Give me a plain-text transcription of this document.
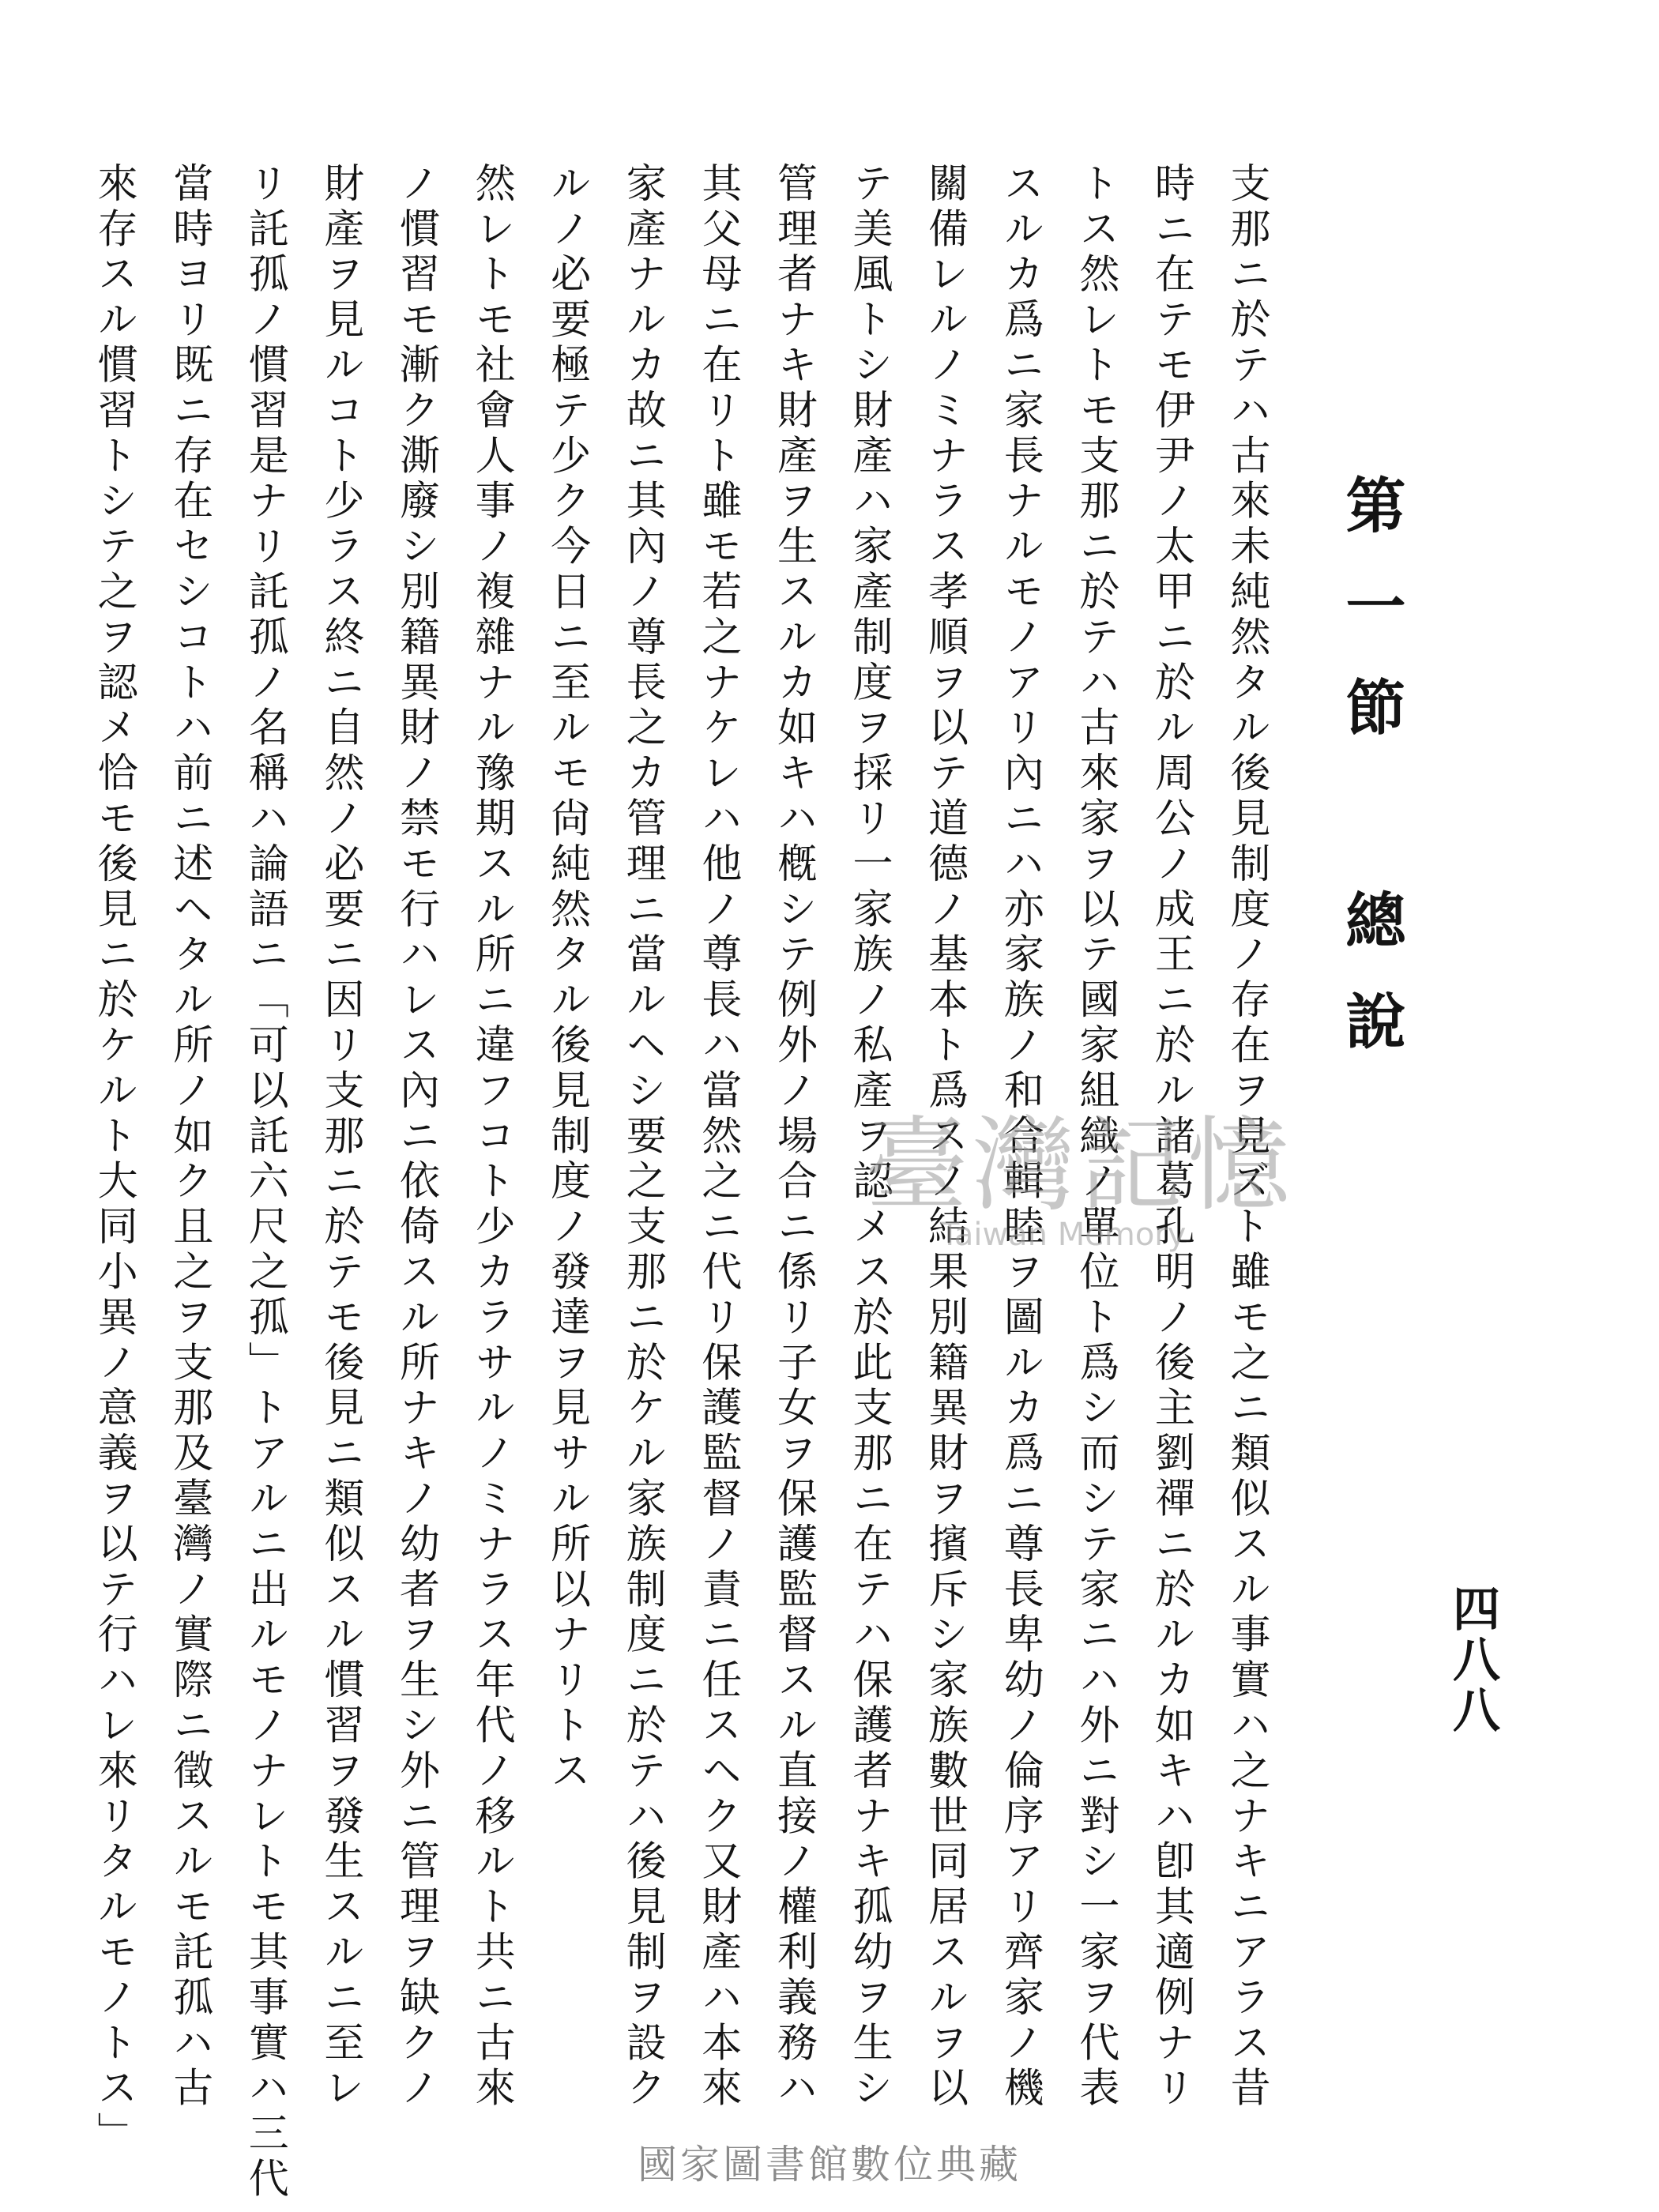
四八八
第一節 總說
支那ニ於テハ古來未純然タル後見制度ノ存在ヲ見ズト雖モ之ニ類似スル事實ハ之ナキニアラス昔
時ニ在テモ伊尹ノ太甲ニ於ル周公ノ成王ニ於ル諸葛孔明ノ後主劉禪ニ於ルカ如キハ卽其適例ナリ
トス然レトモ支那ニ於テハ古來家ヲ以テ國家組織ノ單位ト爲シ而シテ家ニハ外ニ對シ一家ヲ代表
スルカ爲ニ家長ナルモノアリ內ニハ亦家族ノ和合輯睦ヲ圖ルカ爲ニ尊長卑幼ノ倫序アリ齊家ノ機
關備レルノミナラス孝順ヲ以テ道德ノ基本ト爲スノ結果別籍異財ヲ擯斥シ家族數世同居スルヲ以
テ美風トシ財產ハ家產制度ヲ採リ一家族ノ私產ヲ認メス於此支那ニ在テハ保護者ナキ孤幼ヲ生シ
管理者ナキ財產ヲ生スルカ如キハ槪シテ例外ノ場合ニ係リ子女ヲ保護監督スル直接ノ權利義務ハ
其父母ニ在リト雖モ若之ナケレハ他ノ尊長ハ當然之ニ代リ保護監督ノ責ニ任スヘク又財產ハ本來
家產ナルカ故ニ其內ノ尊長之カ管理ニ當ルヘシ要之支那ニ於ケル家族制度ニ於テハ後見制ヲ設ク
ルノ必要極テ少ク今日ニ至ルモ尙純然タル後見制度ノ發達ヲ見サル所以ナリトス
然レトモ社會人事ノ複雜ナル豫期スル所ニ違フコト少カラサルノミナラス年代ノ移ルト共ニ古來
ノ慣習モ漸ク澌廢シ別籍異財ノ禁モ行ハレス內ニ依倚スル所ナキノ幼者ヲ生シ外ニ管理ヲ缺クノ
財產ヲ見ルコト少ラス終ニ自然ノ必要ニ因リ支那ニ於テモ後見ニ類似スル慣習ヲ發生スルニ至レ
リ託孤ノ慣習是ナリ託孤ノ名稱ハ論語ニ「可以託六尺之孤」トアルニ出ルモノナレトモ其事實ハ三代
當時ヨリ既ニ存在セシコトハ前ニ述ヘタル所ノ如ク且之ヲ支那及臺灣ノ實際ニ徵スルモ託孤ハ古
來存スル慣習トシテ之ヲ認メ恰モ後見ニ於ケルト大同小異ノ意義ヲ以テ行ハレ來リタルモノトス」	臺灣記憶
Taiwan Memory
國家圖書館數位典藏
